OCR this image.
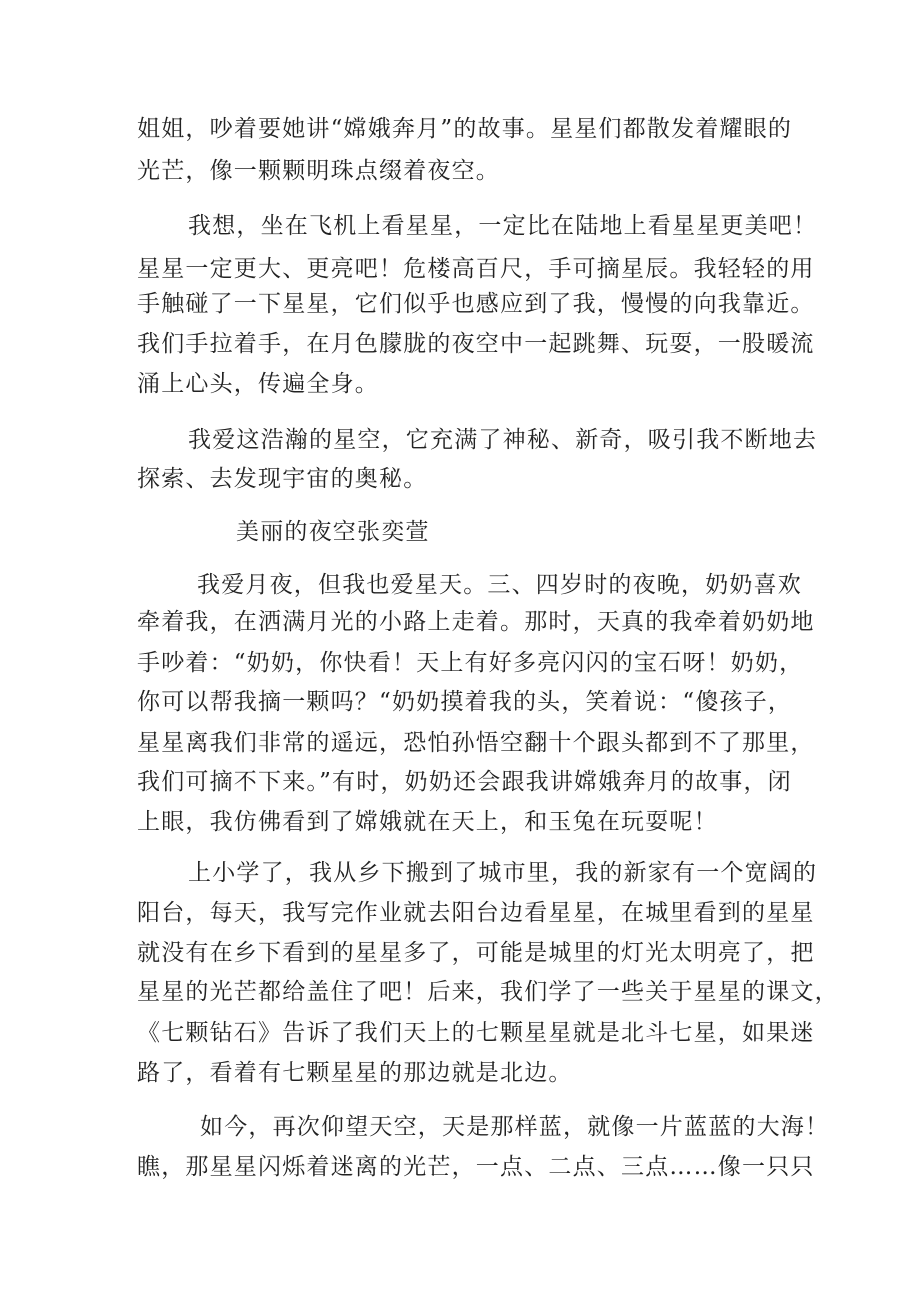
姐姐，吵着要她讲“嫦娥奔月”的故事。星星们都散发着耀眼的
光芒，像一颗颗明珠点缀着夜空。
我想，坐在飞机上看星星，一定比在陆地上看星星更美吧！
星星一定更大、更亮吧！危楼高百尺，手可摘星辰。我轻轻的用
手触碰了一下星星，它们似乎也感应到了我，慢慢的向我靠近。
我们手拉着手，在月色朦胧的夜空中一起跳舞、玩耍，一股暖流
涌上心头，传遍全身。
我爱这浩瀚的星空，它充满了神秘、新奇，吸引我不断地去
探索、去发现宇宙的奥秘。
美丽的夜空张奕萱
我爱月夜，但我也爱星天。三、四岁时的夜晚，奶奶喜欢
牵着我，在洒满月光的小路上走着。那时，天真的我牵着奶奶地
手吵着：“奶奶，你快看！天上有好多亮闪闪的宝石呀！奶奶，
你可以帮我摘一颗吗？“奶奶摸着我的头，笑着说：“傻孩子，
星星离我们非常的遥远，恐怕孙悟空翻十个跟头都到不了那里，
我们可摘不下来。”有时，奶奶还会跟我讲嫦娥奔月的故事，闭
上眼，我仿佛看到了嫦娥就在天上，和玉兔在玩耍呢！
上小学了，我从乡下搬到了城市里，我的新家有一个宽阔的
阳台，每天，我写完作业就去阳台边看星星，在城里看到的星星
就没有在乡下看到的星星多了，可能是城里的灯光太明亮了，把
星星的光芒都给盖住了吧！后来，我们学了一些关于星星的课文，
《七颗钻石》告诉了我们天上的七颗星星就是北斗七星，如果迷
路了，看着有七颗星星的那边就是北边。
如今，再次仰望天空，天是那样蓝，就像一片蓝蓝的大海！
瞧，那星星闪烁着迷离的光芒，一点、二点、三点……像一只只
